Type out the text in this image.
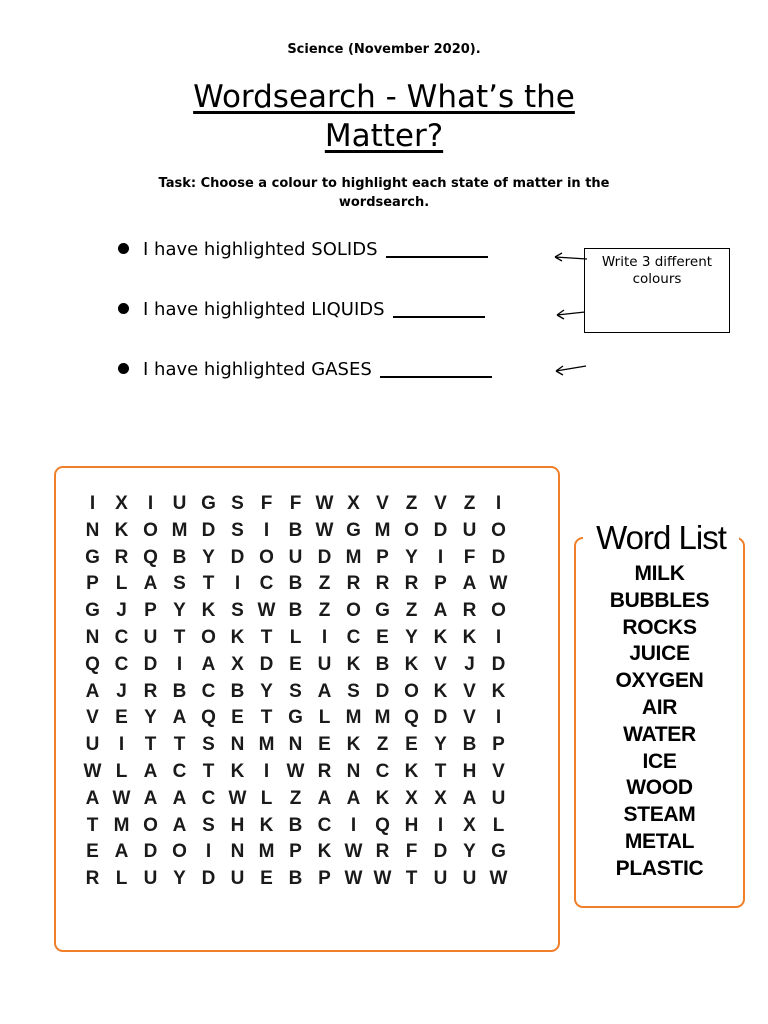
Science (November 2020).
Wordsearch - What’s the Matter?
Task: Choose a colour to highlight each state of matter in the wordsearch.
I have highlighted SOLIDS
I have highlighted LIQUIDS
I have highlighted GASES
Write 3 different colours
I X I U G S F F W X V Z V Z I
N K O M D S I B W G M O D U O
G R Q B Y D O U D M P Y I F D
P L A S T I C B Z R R R P A W
G J P Y K S W B Z O G Z A R O
N C U T O K T L I C E Y K K I
Q C D I A X D E U K B K V J D
A J R B C B Y S A S D O K V K
V E Y A Q E T G L M M Q D V I
U I T T S N M N E K Z E Y B P
W L A C T K I W R N C K T H V
A W A A C W L Z A A K X X A U
T M O A S H K B C I Q H I X L
E A D O I N M P K W R F D Y G
R L U Y D U E B P W W T U U W
Word List
MILK
BUBBLES
ROCKS
JUICE
OXYGEN
AIR
WATER
ICE
WOOD
STEAM
METAL
PLASTIC
